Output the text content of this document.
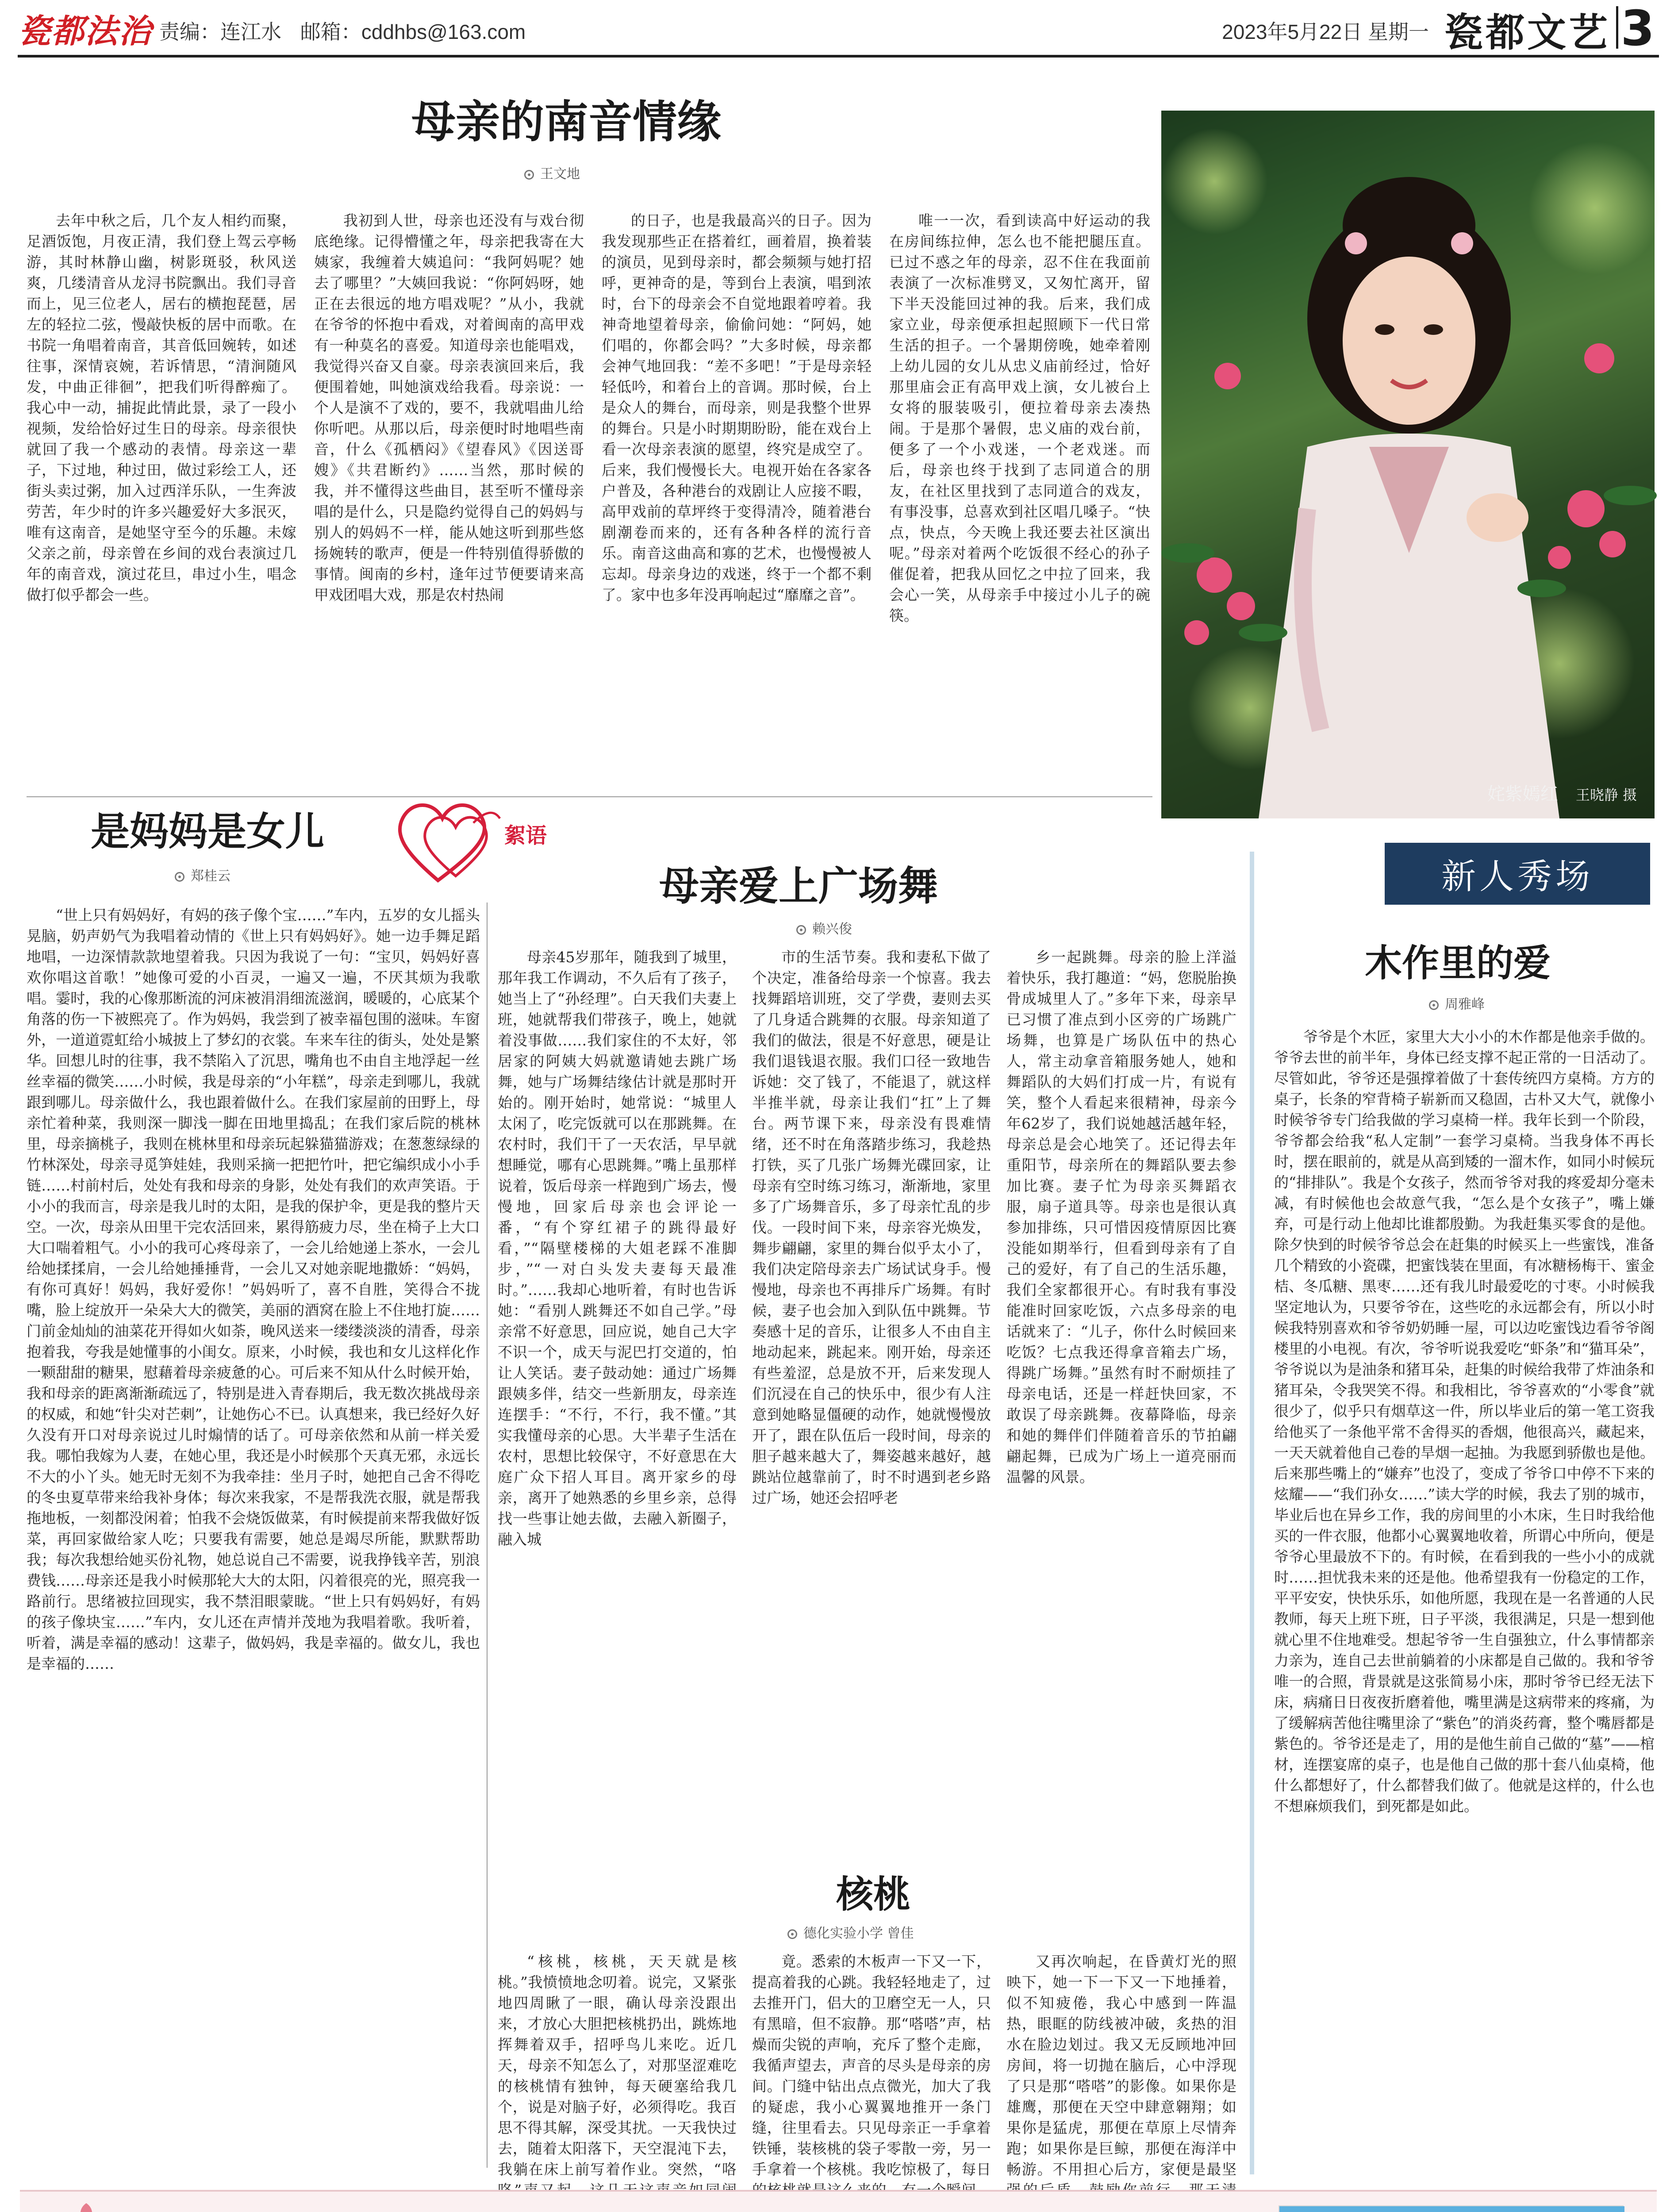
瓷都法治 责编：连江水 邮箱：cddhbs@163.com	2023年5月22日 星期一 瓷都文艺 3
母亲的南音情缘
王文地
去年中秋之后，几个友人相约而聚，足酒饭饱，月夜正清，我们登上驾云亭畅游，其时林静山幽，树影斑驳，秋风送爽，几缕清音从龙浔书院飘出。我们寻音而上，见三位老人，居右的横抱琵琶，居左的轻拉二弦，慢敲快板的居中而歌。在书院一角唱着南音，其音低回婉转，如述往事，深情哀婉，若诉情思，“清涧随风发，中曲正徘徊”，把我们听得醉痴了。我心中一动，捕捉此情此景，录了一段小视频，发给恰好过生日的母亲。母亲很快就回了我一个感动的表情。母亲这一辈子，下过地，种过田，做过彩绘工人，还街头卖过粥，加入过西洋乐队，一生奔波劳苦，年少时的许多兴趣爱好大多泯灭，唯有这南音，是她坚守至今的乐趣。未嫁父亲之前，母亲曾在乡间的戏台表演过几年的南音戏，演过花旦，串过小生，唱念做打似乎都会一些。
我初到人世，母亲也还没有与戏台彻底绝缘。记得懵懂之年，母亲把我寄在大姨家，我缠着大姨追问：“我阿妈呢？她去了哪里？”大姨回我说：“你阿妈呀，她正在去很远的地方唱戏呢？”从小，我就在爷爷的怀抱中看戏，对着闽南的高甲戏有一种莫名的喜爱。知道母亲也能唱戏，我觉得兴奋又自豪。母亲表演回来后，我便围着她，叫她演戏给我看。母亲说：一个人是演不了戏的，要不，我就唱曲儿给你听吧。从那以后，母亲便时时地唱些南音，什么《孤栖闷》《望春风》《因送哥嫂》《共君断约》……当然，那时候的我，并不懂得这些曲目，甚至听不懂母亲唱的是什么，只是隐约觉得自己的妈妈与别人的妈妈不一样，能从她这听到那些悠扬婉转的歌声，便是一件特别值得骄傲的事情。闽南的乡村，逢年过节便要请来高甲戏团唱大戏，那是农村热闹
的日子，也是我最高兴的日子。因为我发现那些正在搭着红，画着眉，换着装的演员，见到母亲时，都会频频与她打招呼，更神奇的是，等到台上表演，唱到浓时，台下的母亲会不自觉地跟着哼着。我神奇地望着母亲，偷偷问她：“阿妈，她们唱的，你都会吗？”大多时候，母亲都会神气地回我：“差不多吧！”于是母亲轻轻低吟，和着台上的音调。那时候，台上是众人的舞台，而母亲，则是我整个世界的舞台。只是小时期期盼盼，能在戏台上看一次母亲表演的愿望，终究是成空了。后来，我们慢慢长大。电视开始在各家各户普及，各种港台的戏剧让人应接不暇，高甲戏前的草坪终于变得清冷，随着港台剧潮卷而来的，还有各种各样的流行音乐。南音这曲高和寡的艺术，也慢慢被人忘却。母亲身边的戏迷，终于一个都不剩了。家中也多年没再响起过“靡靡之音”。
唯一一次，看到读高中好运动的我在房间练拉伸，怎么也不能把腿压直。已过不惑之年的母亲，忍不住在我面前表演了一次标准劈叉，又匆忙离开，留下半天没能回过神的我。后来，我们成家立业，母亲便承担起照顾下一代日常生活的担子。一个暑期傍晚，她牵着刚上幼儿园的女儿从忠义庙前经过，恰好那里庙会正有高甲戏上演，女儿被台上女将的服装吸引，便拉着母亲去凑热闹。于是那个暑假，忠义庙的戏台前，便多了一个小戏迷，一个老戏迷。而后，母亲也终于找到了志同道合的朋友，在社区里找到了志同道合的戏友，有事没事，总喜欢到社区唱几嗓子。“快点，快点，今天晚上我还要去社区演出呢。”母亲对着两个吃饭很不经心的孙子催促着，把我从回忆之中拉了回来，我会心一笑，从母亲手中接过小儿子的碗筷。
姹紫嫣红 王晓静 摄
絮语
是妈妈是女儿
郑桂云
“世上只有妈妈好，有妈的孩子像个宝……”车内，五岁的女儿摇头晃脑，奶声奶气为我唱着动情的《世上只有妈妈好》。她一边手舞足蹈地唱，一边深情款款地望着我。只因为我说了一句：“宝贝，妈妈好喜欢你唱这首歌！”她像可爱的小百灵，一遍又一遍，不厌其烦为我歌唱。霎时，我的心像那断流的河床被涓涓细流滋润，暖暖的，心底某个角落的伤一下被熙亮了。作为妈妈，我尝到了被幸福包围的滋味。车窗外，一道道霓虹给小城披上了梦幻的衣裳。车来车往的街头，处处是繁华。回想儿时的往事，我不禁陷入了沉思，嘴角也不由自主地浮起一丝丝幸福的微笑……小时候，我是母亲的“小年糕”，母亲走到哪儿，我就跟到哪儿。母亲做什么，我也跟着做什么。在我们家屋前的田野上，母亲忙着种菜，我则深一脚浅一脚在田地里捣乱；在我们家后院的桃林里，母亲摘桃子，我则在桃林里和母亲玩起躲猫猫游戏；在葱葱绿绿的竹林深处，母亲寻觅笋娃娃，我则采摘一把把竹叶，把它编织成小小手链……村前村后，处处有我和母亲的身影，处处有我们的欢声笑语。于小小的我而言，母亲是我儿时的太阳，是我的保护伞，更是我的整片天空。一次，母亲从田里干完农活回来，累得筋疲力尽，坐在椅子上大口大口喘着粗气。小小的我可心疼母亲了，一会儿给她递上茶水，一会儿给她揉揉肩，一会儿给她捶捶背，一会儿又对她亲昵地撒娇：“妈妈，有你可真好！妈妈，我好爱你！”妈妈听了，喜不自胜，笑得合不拢嘴，脸上绽放开一朵朵大大的微笑，美丽的酒窝在脸上不住地打旋……门前金灿灿的油菜花开得如火如荼，晚风送来一缕缕淡淡的清香，母亲抱着我，夸我是她懂事的小闺女。原来，小时候，我也和女儿这样化作一颗甜甜的糖果，慰藉着母亲疲惫的心。可后来不知从什么时候开始，我和母亲的距离渐渐疏远了，特别是进入青春期后，我无数次挑战母亲的权威，和她“针尖对芒刺”，让她伤心不已。认真想来，我已经好久好久没有开口对母亲说过儿时煽情的话了。可母亲依然和从前一样关爱我。哪怕我嫁为人妻，在她心里，我还是小时候那个天真无邪，永远长不大的小丫头。她无时无刻不为我牵挂：坐月子时，她把自己舍不得吃的冬虫夏草带来给我补身体；每次来我家，不是帮我洗衣服，就是帮我拖地板，一刻都没闲着；怕我不会烧饭做菜，有时候提前来帮我做好饭菜，再回家做给家人吃；只要我有需要，她总是竭尽所能，默默帮助我；每次我想给她买份礼物，她总说自己不需要，说我挣钱辛苦，别浪费钱……母亲还是我小时候那轮大大的太阳，闪着很亮的光，照亮我一路前行。思绪被拉回现实，我不禁泪眼蒙眬。“世上只有妈妈好，有妈的孩子像块宝……”车内，女儿还在声情并茂地为我唱着歌。我听着，听着，满是幸福的感动！这辈子，做妈妈，我是幸福的。做女儿，我也是幸福的……
母亲爱上广场舞
赖兴俊
母亲45岁那年，随我到了城里，那年我工作调动，不久后有了孩子，她当上了“孙经理”。白天我们夫妻上班，她就帮我们带孩子，晚上，她就着没事做……我们家住的不太好，邻居家的阿姨大妈就邀请她去跳广场舞，她与广场舞结缘估计就是那时开始的。刚开始时，她常说：“城里人太闲了，吃完饭就可以在那跳舞。在农村时，我们干了一天农活，早早就想睡觉，哪有心思跳舞。”嘴上虽那样说着，饭后母亲一样跑到广场去，慢慢地，回家后母亲也会评论一番，“有个穿红裙子的跳得最好看，”“隔壁楼梯的大姐老踩不准脚步，”“一对白头发夫妻每天最准时。”……我却心地听着，有时也告诉她：“看别人跳舞还不如自己学。”母亲常不好意思，回应说，她自己大字不识一个，成天与泥巴打交道的，怕让人笑话。妻子鼓动她：通过广场舞跟姨多伴，结交一些新朋友，母亲连连摆手：“不行，不行，我不懂。”其实我懂母亲的心思。大半辈子生活在农村，思想比较保守，不好意思在大庭广众下招人耳目。离开家乡的母亲，离开了她熟悉的乡里乡亲，总得找一些事让她去做，去融入新圈子，融入城
市的生活节奏。我和妻私下做了个决定，准备给母亲一个惊喜。我去找舞蹈培训班，交了学费，妻则去买了几身适合跳舞的衣服。母亲知道了我们的做法，很是不好意思，硬是让我们退钱退衣服。我们口径一致地告诉她：交了钱了，不能退了，就这样半推半就，母亲让我们“扛”上了舞台。两节课下来，母亲没有畏难情绪，还不时在角落踏步练习，我趁热打铁，买了几张广场舞光碟回家，让母亲有空时练习练习，渐渐地，家里多了广场舞音乐，多了母亲忙乱的步伐。一段时间下来，母亲容光焕发，舞步翩翩，家里的舞台似乎太小了，我们决定陪母亲去广场试试身手。慢慢地，母亲也不再排斥广场舞。有时候，妻子也会加入到队伍中跳舞。节奏感十足的音乐，让很多人不由自主地动起来，跳起来。刚开始，母亲还有些羞涩，总是放不开，后来发现人们沉浸在自己的快乐中，很少有人注意到她略显僵硬的动作，她就慢慢放开了，跟在队伍后一段时间，母亲的胆子越来越大了，舞姿越来越好，越跳站位越靠前了，时不时遇到老乡路过广场，她还会招呼老
乡一起跳舞。母亲的脸上洋溢着快乐，我打趣道：“妈，您脱胎换骨成城里人了。”多年下来，母亲早已习惯了准点到小区旁的广场跳广场舞，也算是广场队伍中的热心人，常主动拿音箱服务她人，她和舞蹈队的大妈们打成一片，有说有笑，整个人看起来很精神，母亲今年62岁了，我们说她越活越年轻，母亲总是会心地笑了。还记得去年重阳节，母亲所在的舞蹈队要去参加比赛。妻子忙为母亲买舞蹈衣服，扇子道具等。母亲也是很认真参加排练，只可惜因疫情原因比赛没能如期举行，但看到母亲有了自己的爱好，有了自己的生活乐趣，我们全家都很开心。有时我有事没能准时回家吃饭，六点多母亲的电话就来了：“儿子，你什么时候回来吃饭？七点我还得拿音箱去广场，得跳广场舞。”虽然有时不耐烦挂了母亲电话，还是一样赶快回家，不敢误了母亲跳舞。夜幕降临，母亲和她的舞伴们伴随着音乐的节拍翩翩起舞，已成为广场上一道亮丽而温馨的风景。
核桃
德化实验小学 曾佳
“核桃，核桃，天天就是核桃。”我愤愤地念叨着。说完，又紧张地四周瞅了一眼，确认母亲没跟出来，才放心大胆把核桃扔出，跳炼地挥舞着双手，招呼鸟儿来吃。近几天，母亲不知怎么了，对那坚涩难吃的核桃情有独钟，每天硬塞给我几个，说是对脑子好，必须得吃。我百思不得其解，深受其扰。一天我快过去，随着太阳落下，天空混沌下去，我躺在床上前写着作业。突然，“咯
竟。悉索的木板声一下又一下，提高着我的心跳。我轻轻地走了，过去推开门，侣大的卫磨空无一人，只有黑暗，但不寂静。那“嗒嗒”声，枯燥而尖锐的声响，充斥了整个走廊，我循声望去，声音的尽头是母亲的房间。门缝中钻出点点微光，加大了我的疑虑，我小心翼翼地推开一条门缝，往里看去。只见母亲正一手拿着铁锤，装核桃的袋子零散一旁，另一手拿着一个核桃。我吃惊极了，每日
又再次响起，在昏黄灯光的照映下，她一下一下又一下地捶着，似不知疲倦，我心中感到一阵温热，眼眶的防线被冲破，炙热的泪水在脸边划过。我又无反顾地冲回房间，将一切抛在脑后，心中浮现了只是那“嗒嗒”的影像。如果你是雄鹰，那便在天空中肆意翱翔；如果你是猛虎，那便在草原上尽情奔跑；如果你是巨鲸，那便在海洋中畅游。不用担心后方，家便是最坚
新人秀场
木作里的爱
周雅峰
爷爷是个木匠，家里大大小小的木作都是他亲手做的。爷爷去世的前半年，身体已经支撑不起正常的一日活动了。尽管如此，爷爷还是强撑着做了十套传统四方桌椅。方方的桌子，长条的窄背椅子崭新而又稳固，古朴又大气，就像小时候爷爷专门给我做的学习桌椅一样。我年长到一个阶段，爷爷都会给我“私人定制”一套学习桌椅。当我身体不再长时，摆在眼前的，就是从高到矮的一溜木作，如同小时候玩的“排排队”。我是个女孩子，然而爷爷对我的疼爱却分毫未减，有时候他也会故意气我，“怎么是个女孩子”，嘴上嫌弃，可是行动上他却比谁都殷勤。为我赶集买零食的是他。除夕快到的时候爷爷总会在赶集的时候买上一些蜜饯，准备几个精致的小瓷碟，把蜜饯装在里面，有冰糖杨梅干、蜜金桔、冬瓜糖、黑枣……还有我儿时最爱吃的寸枣。小时候我坚定地认为，只要爷爷在，这些吃的永远都会有，所以小时候我特别喜欢和爷爷奶奶睡一屋，可以边吃蜜饯边看爷爷阁楼里的小电视。有次，爷爷听说我爱吃“虾条”和“猫耳朵”，爷爷说以为是油条和猪耳朵，赶集的时候给我带了炸油条和猪耳朵，令我哭笑不得。和我相比，爷爷喜欢的“小零食”就很少了，似乎只有烟草这一件，所以毕业后的第一笔工资我给他买了一条他平常不舍得买的香烟，他很高兴，藏起来，一天天就着他自己卷的旱烟一起抽。为我愿到骄傲也是他。后来那些嘴上的“嫌弃”也没了，变成了爷爷口中停不下来的炫耀——“我们孙女……”读大学的时候，我去了别的城市，毕业后也在异乡工作，我的房间里的小木床，生日时我给他买的一件衣服，他都小心翼翼地收着，所谓心中所向，便是爷爷心里最放不下的。有时候，在看到我的一些小小的成就时……担忧我未来的还是他。他希望我有一份稳定的工作，平平安安，快快乐乐，如他所愿，我现在是一名普通的人民教师，每天上班下班，日子平淡，我很满足，只是一想到他就心里不住地难受。想起爷爷一生自强独立，什么事情都亲力亲为，连自己去世前躺着的小床都是自己做的。我和爷爷唯一的合照，背景就是这张简易小床，那时爷爷已经无法下床，病痛日日夜夜折磨着他，嘴里满是这病带来的疼痛，为了缓解病苦他往嘴里涂了“紫色”的消炎药膏，整个嘴唇都是紫色的。爷爷还是走了，用的是他生前自己做的“墓”——棺材，连摆宴席的桌子，也是他自己做的那十套八仙桌椅，他什么都想好了，什么都替我们做了。他就是这样的，什么也不想麻烦我们，到死都是如此。
